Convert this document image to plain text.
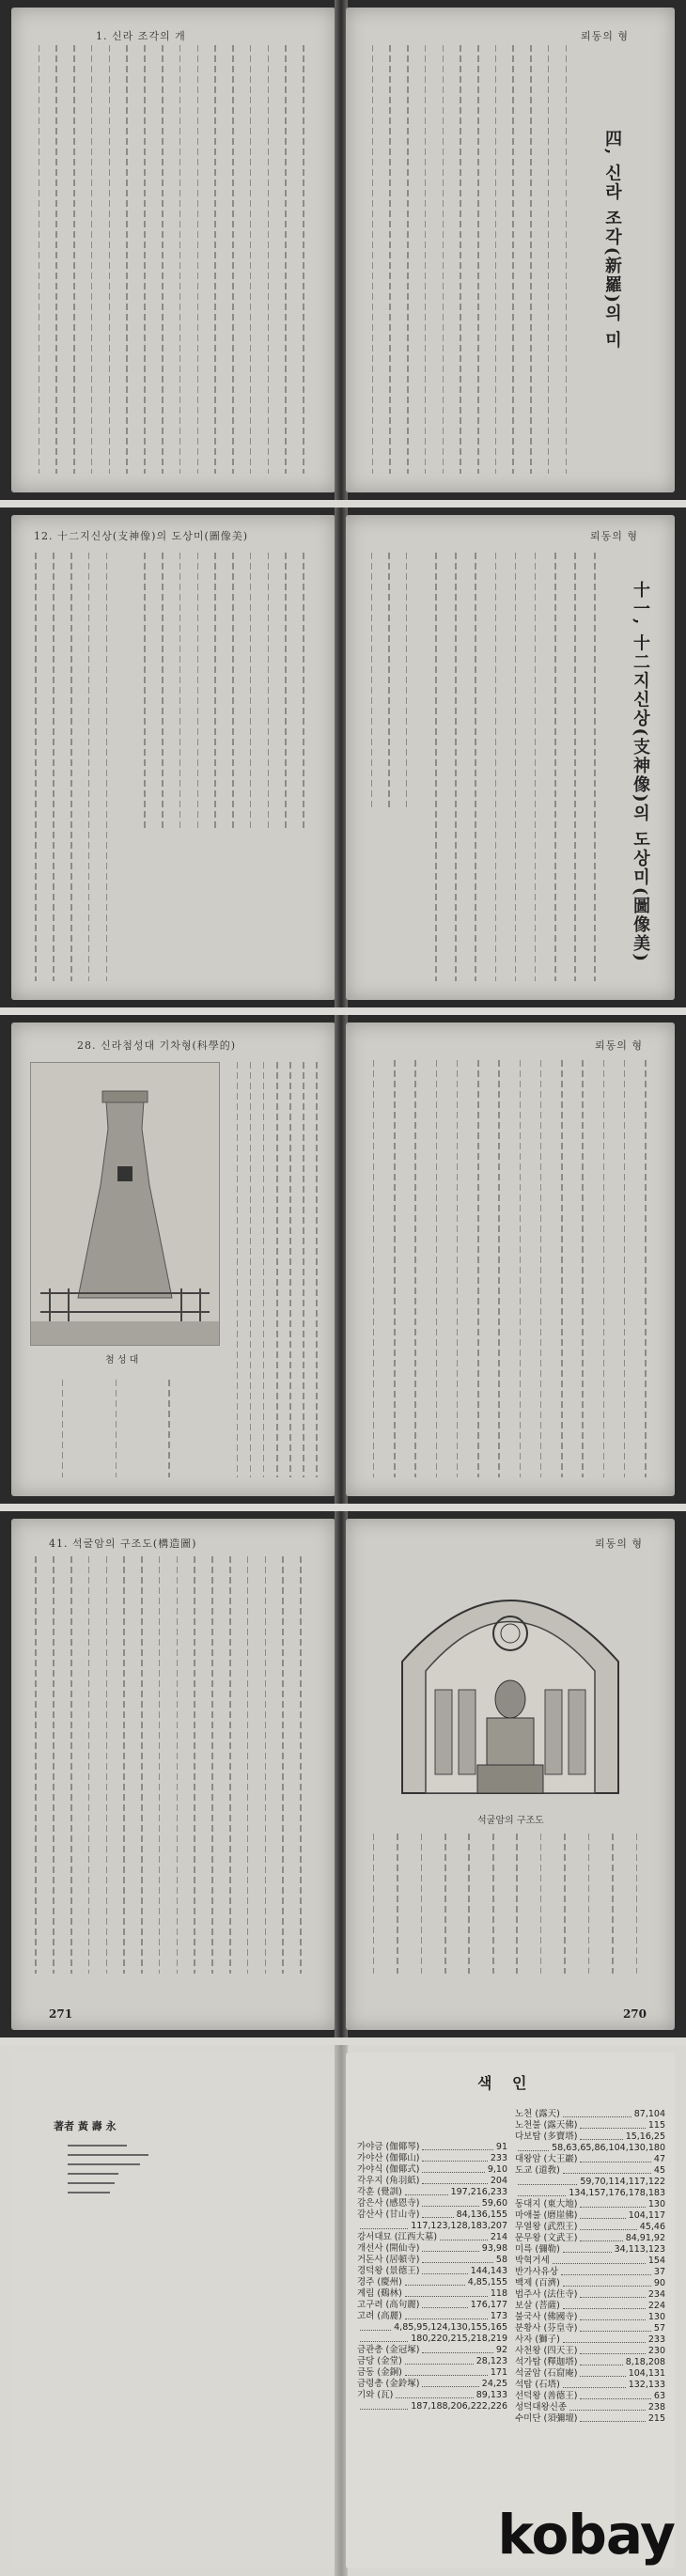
1. 신라 조각의 개	뢰동의 형
四, 신라 조각(新羅)의 미
12. 十二지신상(支神像)의 도상미(圖像美)	뢰동의 형
十一, 十二지신상(支神像)의 도상미(圖像美)
28. 신라첨성대 기차형(科學的)
첨 성 대
뢰동의 형
41. 석굴암의 구조도(構造圖)
271
뢰동의 형
석굴암의 구조도
270
著者 黃 壽 永
색 인
가야금 (伽倻琴)	91
가야산 (伽倻山)	233
가야식 (伽倻式)	9,10
각우지 (角羽紙)	204
각훈 (覺訓)	197,216,233
감은사 (感恩寺)	59,60
감산사 (甘山寺)	84,136,155
117,123,128,183,207
강서대묘 (江西大墓)	214
개선사 (開仙寺)	93,98
거돈사 (居頓寺)	58
경덕왕 (景德王)	144,143
경주 (慶州)	4,85,155
계림 (鷄林)	118
고구려 (高句麗)	176,177
고려 (高麗)	173
4,85,95,124,130,155,165
180,220,215,218,219
금관총 (金冠塚)	92
금당 (金堂)	28,123
금동 (金銅)	171
금령총 (金鈴塚)	24,25
기와 (瓦)	89,133
187,188,206,222,226
노천 (露天)	87,104
노천불 (露天佛)	115
다보탑 (多寶塔)	15,16,25
58,63,65,86,104,130,180
대왕암 (大王巖)	47
도교 (道敎)	45
59,70,114,117,122
134,157,176,178,183
동대지 (東大地)	130
마애불 (磨崖佛)	104,117
무열왕 (武烈王)	45,46
문무왕 (文武王)	84,91,92
미륵 (彌勒)	34,113,123
박혁거세	154
반가사유상	37
백제 (百濟)	90
법주사 (法住寺)	234
보살 (菩薩)	224
불국사 (佛國寺)	130
분황사 (芬皇寺)	57
사자 (獅子)	233
사천왕 (四天王)	230
석가탑 (釋迦塔)	8,18,208
석굴암 (石窟庵)	104,131
석탑 (石塔)	132,133
선덕왕 (善德王)	63
성덕대왕신종	238
수미단 (須彌壇)	215
kobay
